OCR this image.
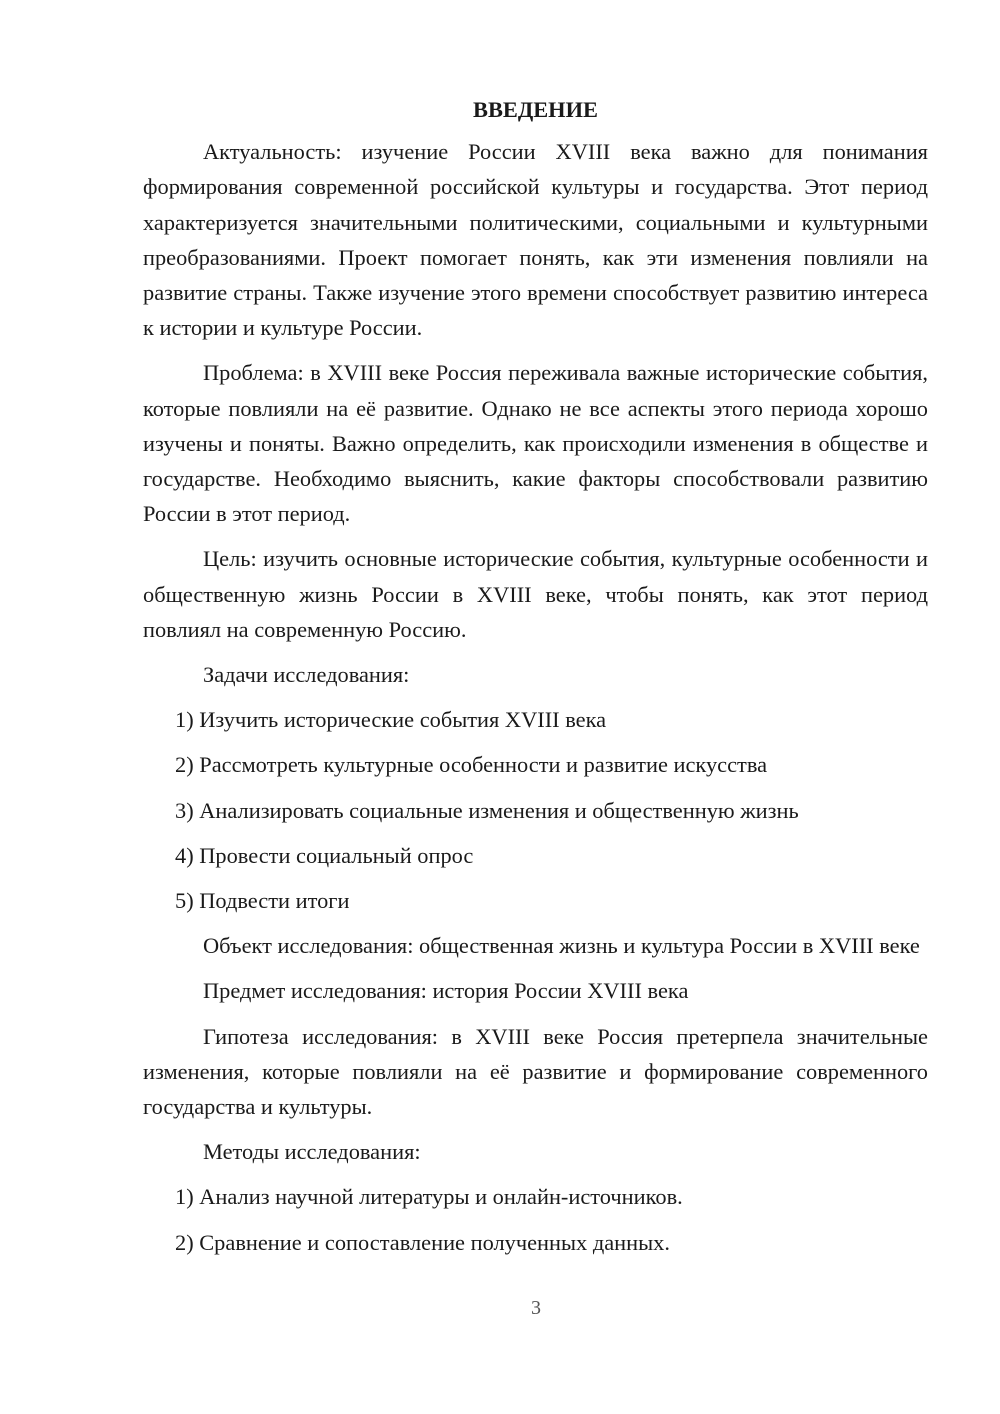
ВВЕДЕНИЕ

Актуальность: изучение России XVIII века важно для понимания формирования современной российской культуры и государства. Этот период характеризуется значительными политическими, социальными и культурными преобразованиями. Проект помогает понять, как эти изменения повлияли на развитие страны. Также изучение этого времени способствует развитию интереса к истории и культуре России.

Проблема: в XVIII веке Россия переживала важные исторические события, которые повлияли на её развитие. Однако не все аспекты этого периода хорошо изучены и поняты. Важно определить, как происходили изменения в обществе и государстве. Необходимо выяснить, какие факторы способствовали развитию России в этот период.

Цель: изучить основные исторические события, культурные особенности и общественную жизнь России в XVIII веке, чтобы понять, как этот период повлиял на современную Россию.

Задачи исследования:

1) Изучить исторические события XVIII века
2) Рассмотреть культурные особенности и развитие искусства
3) Анализировать социальные изменения и общественную жизнь
4) Провести социальный опрос
5) Подвести итоги

Объект исследования: общественная жизнь и культура России в XVIII веке

Предмет исследования: история России XVIII века

Гипотеза исследования: в XVIII веке Россия претерпела значительные изменения, которые повлияли на её развитие и формирование современного государства и культуры.

Методы исследования:

1) Анализ научной литературы и онлайн-источников.
2) Сравнение и сопоставление полученных данных.
3
